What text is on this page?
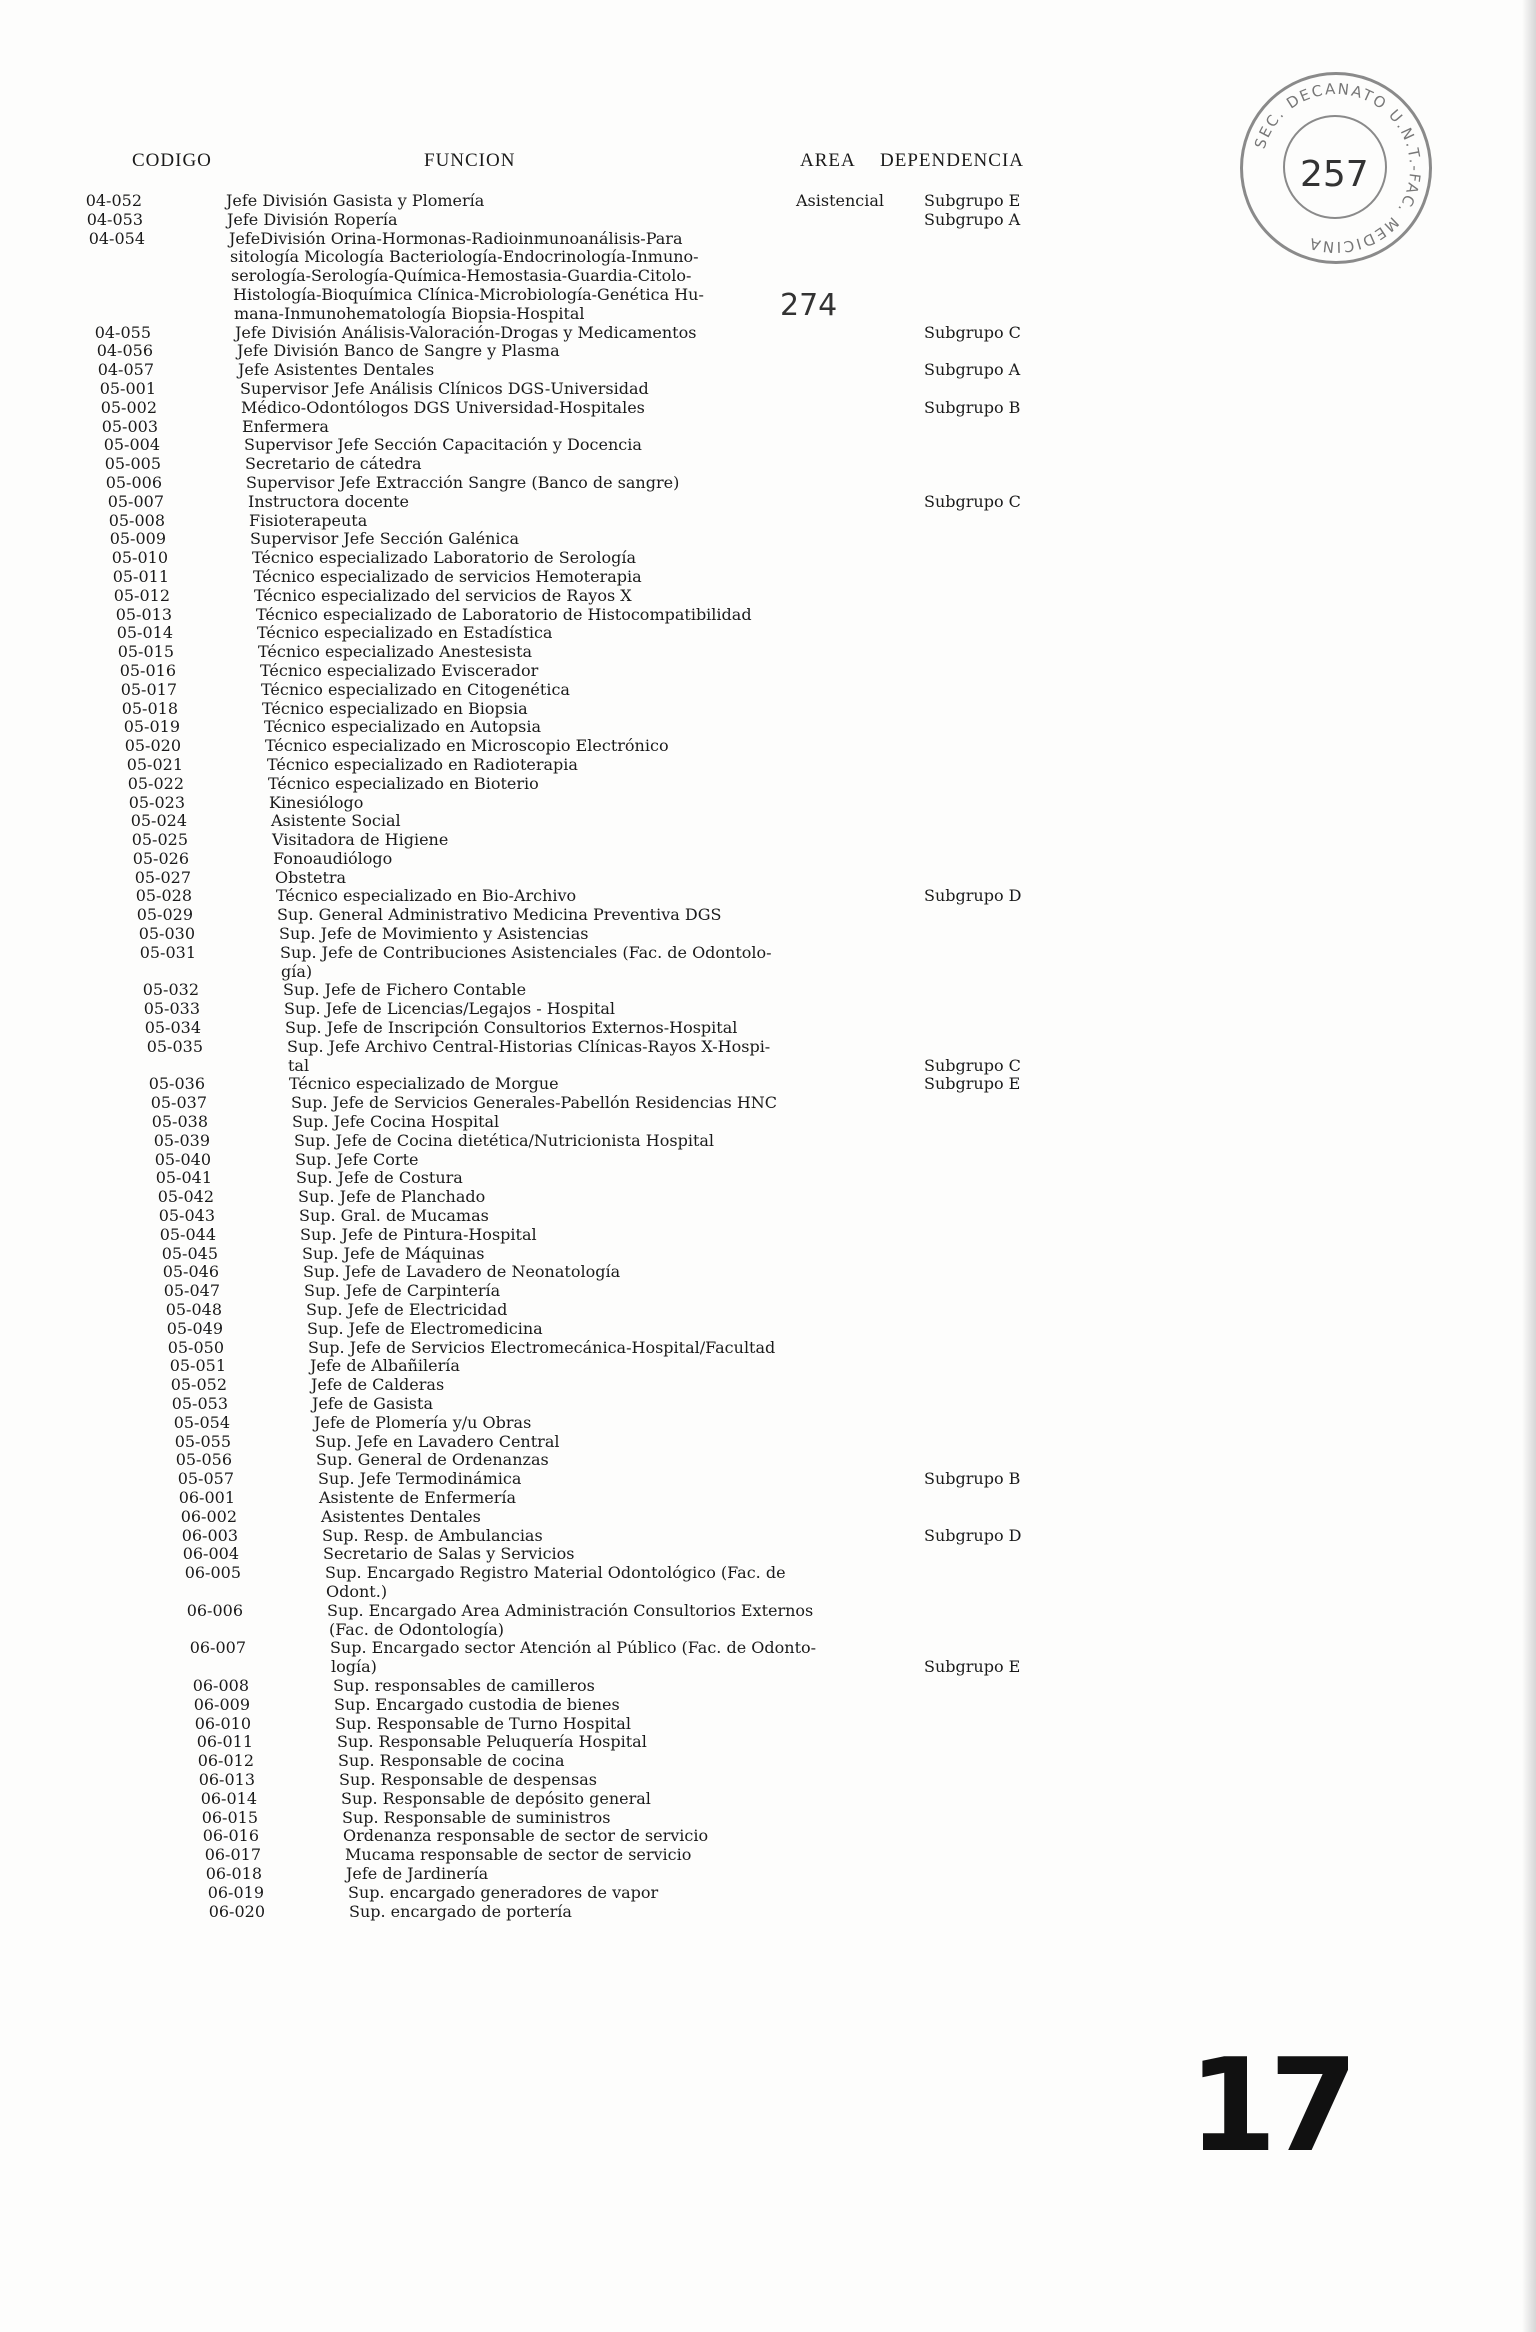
CODIGO	FUNCION	AREA DEPENDENCIA
SEC. DECANATO U.N.T.-FAC. MEDICINA
257
274
04-052	Jefe División Gasista y Plomería	Asistencial Subgrupo E
04-053	Jefe División Ropería	Subgrupo A
04-054	JefeDivisión Orina-Hormonas-Radioinmunoanálisis-Para
sitología Micología Bacteriología-Endocrinología-Inmuno-
serología-Serología-Química-Hemostasia-Guardia-Citolo-
Histología-Bioquímica Clínica-Microbiología-Genética Hu-
mana-Inmunohematología Biopsia-Hospital
04-055	Jefe División Análisis-Valoración-Drogas y Medicamentos	Subgrupo C
04-056	Jefe División Banco de Sangre y Plasma
04-057	Jefe Asistentes Dentales	Subgrupo A
05-001	Supervisor Jefe Análisis Clínicos DGS-Universidad
05-002	Médico-Odontólogos DGS Universidad-Hospitales	Subgrupo B
05-003	Enfermera
05-004	Supervisor Jefe Sección Capacitación y Docencia
05-005	Secretario de cátedra
05-006	Supervisor Jefe Extracción Sangre (Banco de sangre)
05-007	Instructora docente	Subgrupo C
05-008	Fisioterapeuta
05-009	Supervisor Jefe Sección Galénica
05-010	Técnico especializado Laboratorio de Serología
05-011	Técnico especializado de servicios Hemoterapia
05-012	Técnico especializado del servicios de Rayos X
05-013	Técnico especializado de Laboratorio de Histocompatibilidad
05-014	Técnico especializado en Estadística
05-015	Técnico especializado Anestesista
05-016	Técnico especializado Eviscerador
05-017	Técnico especializado en Citogenética
05-018	Técnico especializado en Biopsia
05-019	Técnico especializado en Autopsia
05-020	Técnico especializado en Microscopio Electrónico
05-021	Técnico especializado en Radioterapia
05-022	Técnico especializado en Bioterio
05-023	Kinesiólogo
05-024	Asistente Social
05-025	Visitadora de Higiene
05-026	Fonoaudiólogo
05-027	Obstetra
05-028	Técnico especializado en Bio-Archivo	Subgrupo D
05-029	Sup. General Administrativo Medicina Preventiva DGS
05-030	Sup. Jefe de Movimiento y Asistencias
05-031	Sup. Jefe de Contribuciones Asistenciales (Fac. de Odontolo-
gía)
05-032	Sup. Jefe de Fichero Contable
05-033	Sup. Jefe de Licencias/Legajos - Hospital
05-034	Sup. Jefe de Inscripción Consultorios Externos-Hospital
05-035	Sup. Jefe Archivo Central-Historias Clínicas-Rayos X-Hospi-
tal	Subgrupo C
05-036	Técnico especializado de Morgue	Subgrupo E
05-037	Sup. Jefe de Servicios Generales-Pabellón Residencias HNC
05-038	Sup. Jefe Cocina Hospital
05-039	Sup. Jefe de Cocina dietética/Nutricionista Hospital
05-040	Sup. Jefe Corte
05-041	Sup. Jefe de Costura
05-042	Sup. Jefe de Planchado
05-043	Sup. Gral. de Mucamas
05-044	Sup. Jefe de Pintura-Hospital
05-045	Sup. Jefe de Máquinas
05-046	Sup. Jefe de Lavadero de Neonatología
05-047	Sup. Jefe de Carpintería
05-048	Sup. Jefe de Electricidad
05-049	Sup. Jefe de Electromedicina
05-050	Sup. Jefe de Servicios Electromecánica-Hospital/Facultad
05-051	Jefe de Albañilería
05-052	Jefe de Calderas
05-053	Jefe de Gasista
05-054	Jefe de Plomería y/u Obras
05-055	Sup. Jefe en Lavadero Central
05-056	Sup. General de Ordenanzas
05-057	Sup. Jefe Termodinámica	Subgrupo B
06-001	Asistente de Enfermería
06-002	Asistentes Dentales
06-003	Sup. Resp. de Ambulancias	Subgrupo D
06-004	Secretario de Salas y Servicios
06-005	Sup. Encargado Registro Material Odontológico (Fac. de
Odont.)
06-006	Sup. Encargado Area Administración Consultorios Externos
(Fac. de Odontología)
06-007	Sup. Encargado sector Atención al Público (Fac. de Odonto-
logía)	Subgrupo E
06-008	Sup. responsables de camilleros
06-009	Sup. Encargado custodia de bienes
06-010	Sup. Responsable de Turno Hospital
06-011	Sup. Responsable Peluquería Hospital
06-012	Sup. Responsable de cocina
06-013	Sup. Responsable de despensas
06-014	Sup. Responsable de depósito general
06-015	Sup. Responsable de suministros
06-016	Ordenanza responsable de sector de servicio
06-017	Mucama responsable de sector de servicio
06-018	Jefe de Jardinería
06-019	Sup. encargado generadores de vapor
06-020	Sup. encargado de portería
17
